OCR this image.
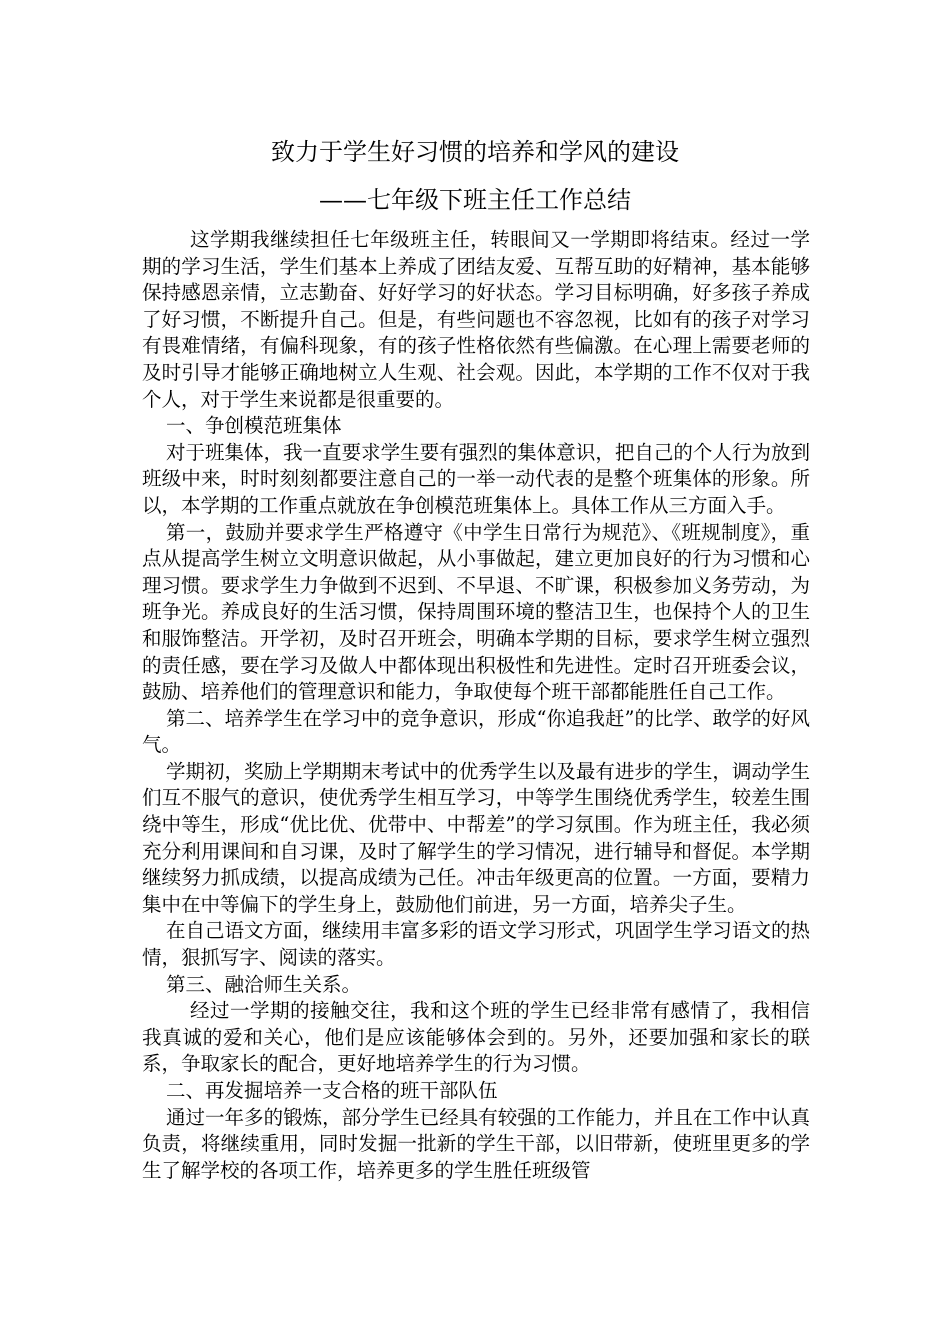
致力于学生好习惯的培养和学风的建设
——七年级下班主任工作总结

这学期我继续担任七年级班主任，转眼间又一学期即将结束。经过一学期的学习生活，学生们基本上养成了团结友爱、互帮互助的好精神，基本能够保持感恩亲情，立志勤奋、好好学习的好状态。学习目标明确，好多孩子养成了好习惯，不断提升自己。但是，有些问题也不容忽视，比如有的孩子对学习有畏难情绪，有偏科现象，有的孩子性格依然有些偏激。在心理上需要老师的及时引导才能够正确地树立人生观、社会观。因此，本学期的工作不仅对于我个人，对于学生来说都是很重要的。

一、争创模范班集体

对于班集体，我一直要求学生要有强烈的集体意识，把自己的个人行为放到班级中来，时时刻刻都要注意自己的一举一动代表的是整个班集体的形象。所以，本学期的工作重点就放在争创模范班集体上。具体工作从三方面入手。

第一，鼓励并要求学生严格遵守《中学生日常行为规范》、《班规制度》，重点从提高学生树立文明意识做起，从小事做起，建立更加良好的行为习惯和心理习惯。要求学生力争做到不迟到、不早退、不旷课，积极参加义务劳动，为班争光。养成良好的生活习惯，保持周围环境的整洁卫生，也保持个人的卫生和服饰整洁。开学初，及时召开班会，明确本学期的目标，要求学生树立强烈的责任感，要在学习及做人中都体现出积极性和先进性。定时召开班委会议，鼓励、培养他们的管理意识和能力，争取使每个班干部都能胜任自己工作。

第二、培养学生在学习中的竞争意识，形成“你追我赶”的比学、敢学的好风气。

学期初，奖励上学期期末考试中的优秀学生以及最有进步的学生，调动学生们互不服气的意识，使优秀学生相互学习，中等学生围绕优秀学生，较差生围绕中等生，形成“优比优、优带中、中帮差”的学习氛围。作为班主任，我必须充分利用课间和自习课，及时了解学生的学习情况，进行辅导和督促。本学期继续努力抓成绩，以提高成绩为己任。冲击年级更高的位置。一方面，要精力集中在中等偏下的学生身上，鼓励他们前进，另一方面，培养尖子生。

在自己语文方面，继续用丰富多彩的语文学习形式，巩固学生学习语文的热情，狠抓写字、阅读的落实。

第三、融洽师生关系。

经过一学期的接触交往，我和这个班的学生已经非常有感情了，我相信我真诚的爱和关心，他们是应该能够体会到的。另外，还要加强和家长的联系，争取家长的配合，更好地培养学生的行为习惯。

二、再发掘培养一支合格的班干部队伍

通过一年多的锻炼，部分学生已经具有较强的工作能力，并且在工作中认真负责，将继续重用，同时发掘一批新的学生干部，以旧带新，使班里更多的学生了解学校的各项工作，培养更多的学生胜任班级管
